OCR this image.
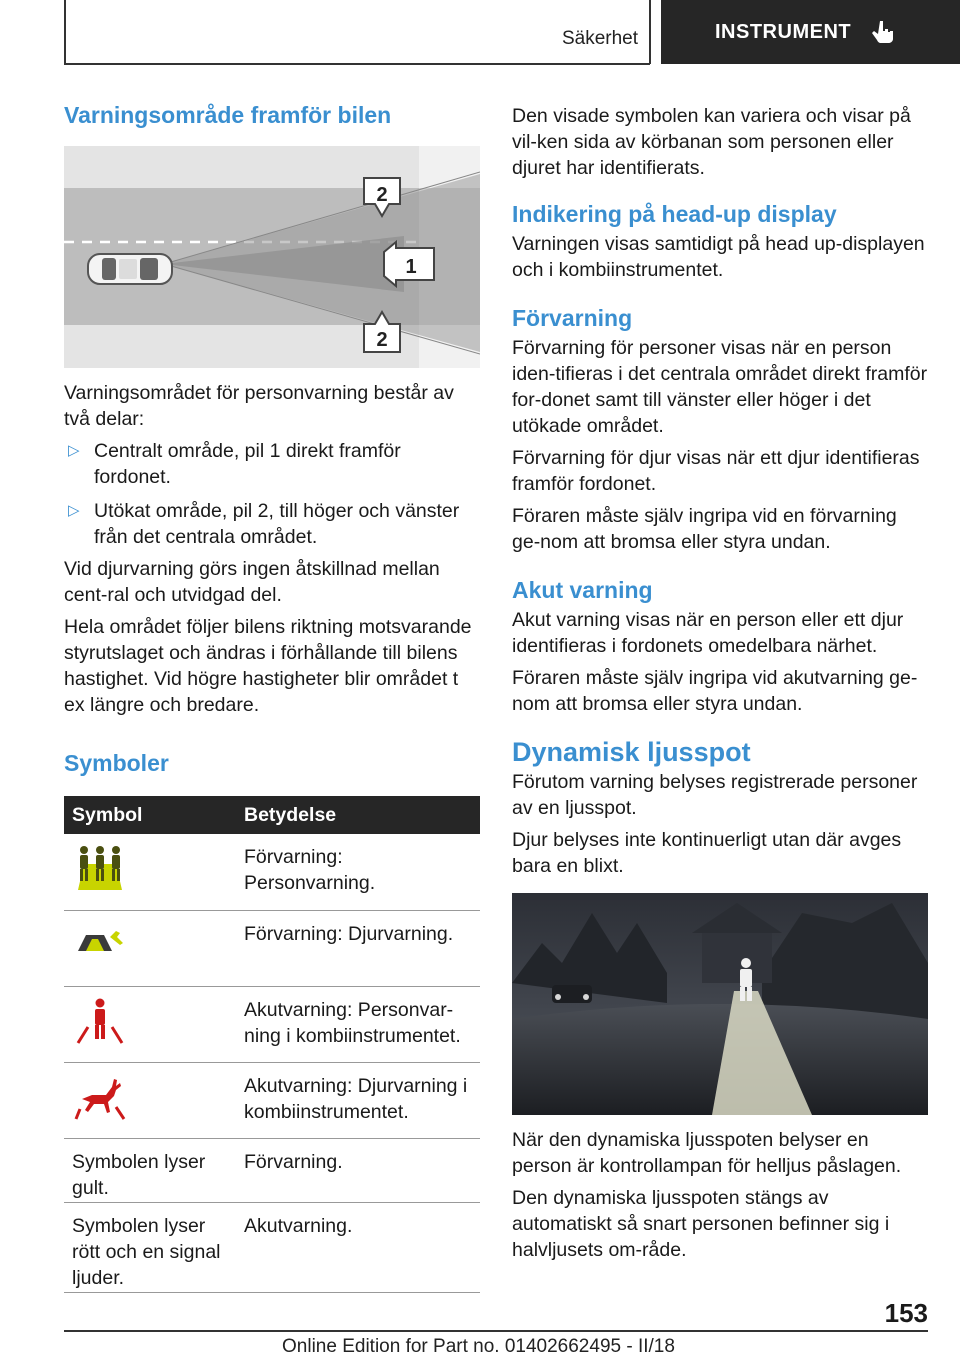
Säkerhet	INSTRUMENT
Varningsområde framför bilen
2
1
2

Varningsområdet för personvarning består av två delar:

▷ Centralt område, pil 1 direkt framför fordonet.
▷ Utökat område, pil 2, till höger och vänster från det centrala området.

Vid djurvarning görs ingen åtskillnad mellan cent‐ral och utvidgad del.

Hela området följer bilens riktning motsvarande styrutslaget och ändras i förhållande till bilens hastighet. Vid högre hastigheter blir området t ex längre och bredare.

Symboler
Symbol	Betydelse
	Förvarning: Personvarning.
	Förvarning: Djurvarning.
	Akutvarning: Personvar‐ning i kombiinstrumentet.
	Akutvarning: Djurvarning i kombiinstrumentet.
Symbolen lyser gult.	Förvarning.
Symbolen lyser rött och en signal ljuder.	Akutvarning.

Den visade symbolen kan variera och visar på vil‐ken sida av körbanan som personen eller djuret har identifierats.

Indikering på head-up display

Varningen visas samtidigt på head up-displayen och i kombiinstrumentet.

Förvarning

Förvarning för personer visas när en person iden‐tifieras i det centrala området direkt framför for‐donet samt till vänster eller höger i det utökade området.

Förvarning för djur visas när ett djur identifieras framför fordonet.

Föraren måste själv ingripa vid en förvarning ge‐nom att bromsa eller styra undan.

Akut varning

Akut varning visas när en person eller ett djur identifieras i fordonets omedelbara närhet.

Föraren måste själv ingripa vid akutvarning ge‐nom att bromsa eller styra undan.

Dynamisk ljusspot

Förutom varning belyses registrerade personer av en ljusspot.

Djur belyses inte kontinuerligt utan där avges bara en blixt.

När den dynamiska ljusspoten belyser en person är kontrollampan för helljus påslagen.

Den dynamiska ljusspoten stängs av automatiskt så snart personen befinner sig i halvljusets om‐råde.

153
Online Edition for Part no. 01402662495 - II/18
